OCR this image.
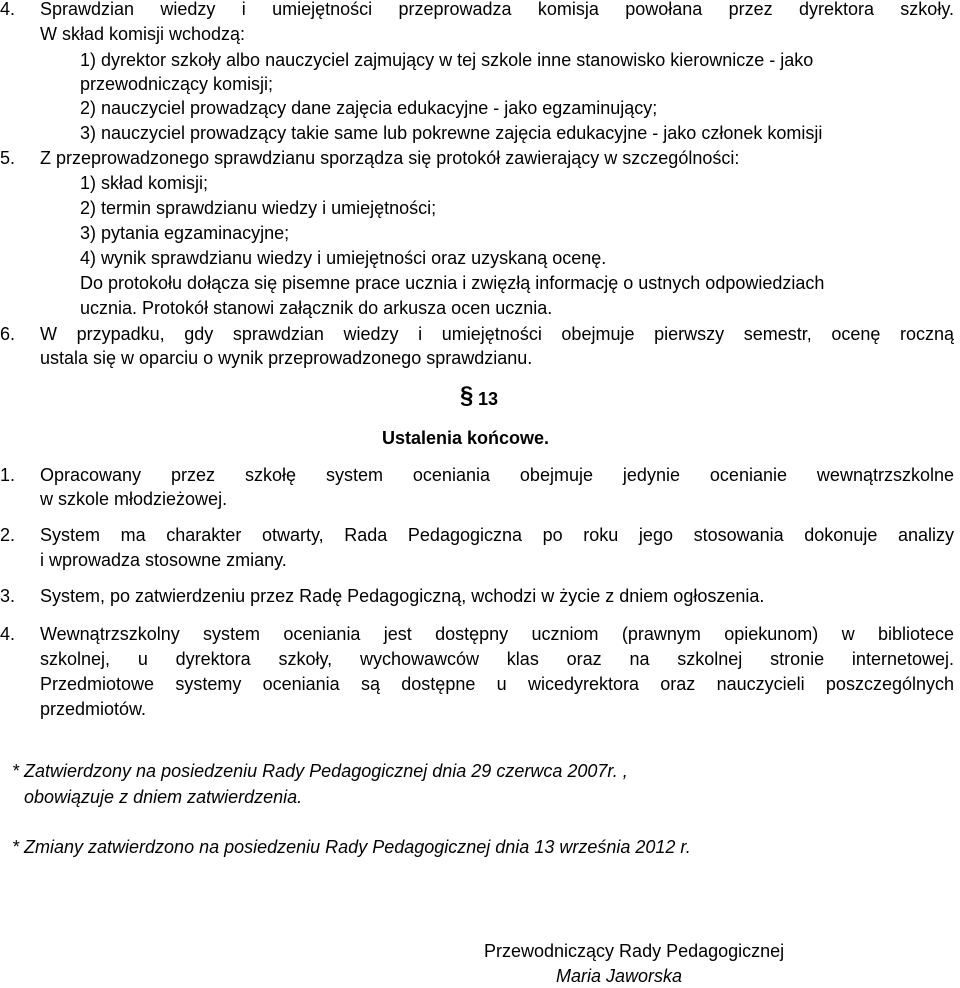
4. Sprawdzian wiedzy i umiejętności przeprowadza komisja powołana przez dyrektora szkoły.
W skład komisji wchodzą:
1) dyrektor szkoły albo nauczyciel zajmujący w tej szkole inne stanowisko kierownicze - jako
przewodniczący komisji;
2) nauczyciel prowadzący dane zajęcia edukacyjne - jako egzaminujący;
3) nauczyciel prowadzący takie same lub pokrewne zajęcia edukacyjne - jako członek komisji
5. Z przeprowadzonego sprawdzianu sporządza się protokół zawierający w szczególności:
1) skład komisji;
2) termin sprawdzianu wiedzy i umiejętności;
3) pytania egzaminacyjne;
4) wynik sprawdzianu wiedzy i umiejętności oraz uzyskaną ocenę.
Do protokołu dołącza się pisemne prace ucznia i zwięzłą informację o ustnych odpowiedziach
ucznia. Protokół stanowi załącznik do arkusza ocen ucznia.
6. W przypadku, gdy sprawdzian wiedzy i umiejętności obejmuje pierwszy semestr, ocenę roczną
ustala się w oparciu o wynik przeprowadzonego sprawdzianu.
§ 13
Ustalenia końcowe.
1. Opracowany przez szkołę system oceniania obejmuje jedynie ocenianie wewnątrzszkolne
w szkole młodzieżowej.
2. System ma charakter otwarty, Rada Pedagogiczna po roku jego stosowania dokonuje analizy
i wprowadza stosowne zmiany.
3. System, po zatwierdzeniu przez Radę Pedagogiczną, wchodzi w życie z dniem ogłoszenia.
4. Wewnątrzszkolny system oceniania jest dostępny uczniom (prawnym opiekunom) w bibliotece
szkolnej, u dyrektora szkoły, wychowawców klas oraz na szkolnej stronie internetowej.
Przedmiotowe systemy oceniania są dostępne u wicedyrektora oraz nauczycieli poszczególnych
przedmiotów.
* Zatwierdzony na posiedzeniu Rady Pedagogicznej dnia 29 czerwca 2007r. ,
obowiązuje z dniem zatwierdzenia.
* Zmiany zatwierdzono na posiedzeniu Rady Pedagogicznej dnia 13 września 2012 r.
Przewodniczący Rady Pedagogicznej
Maria Jaworska
